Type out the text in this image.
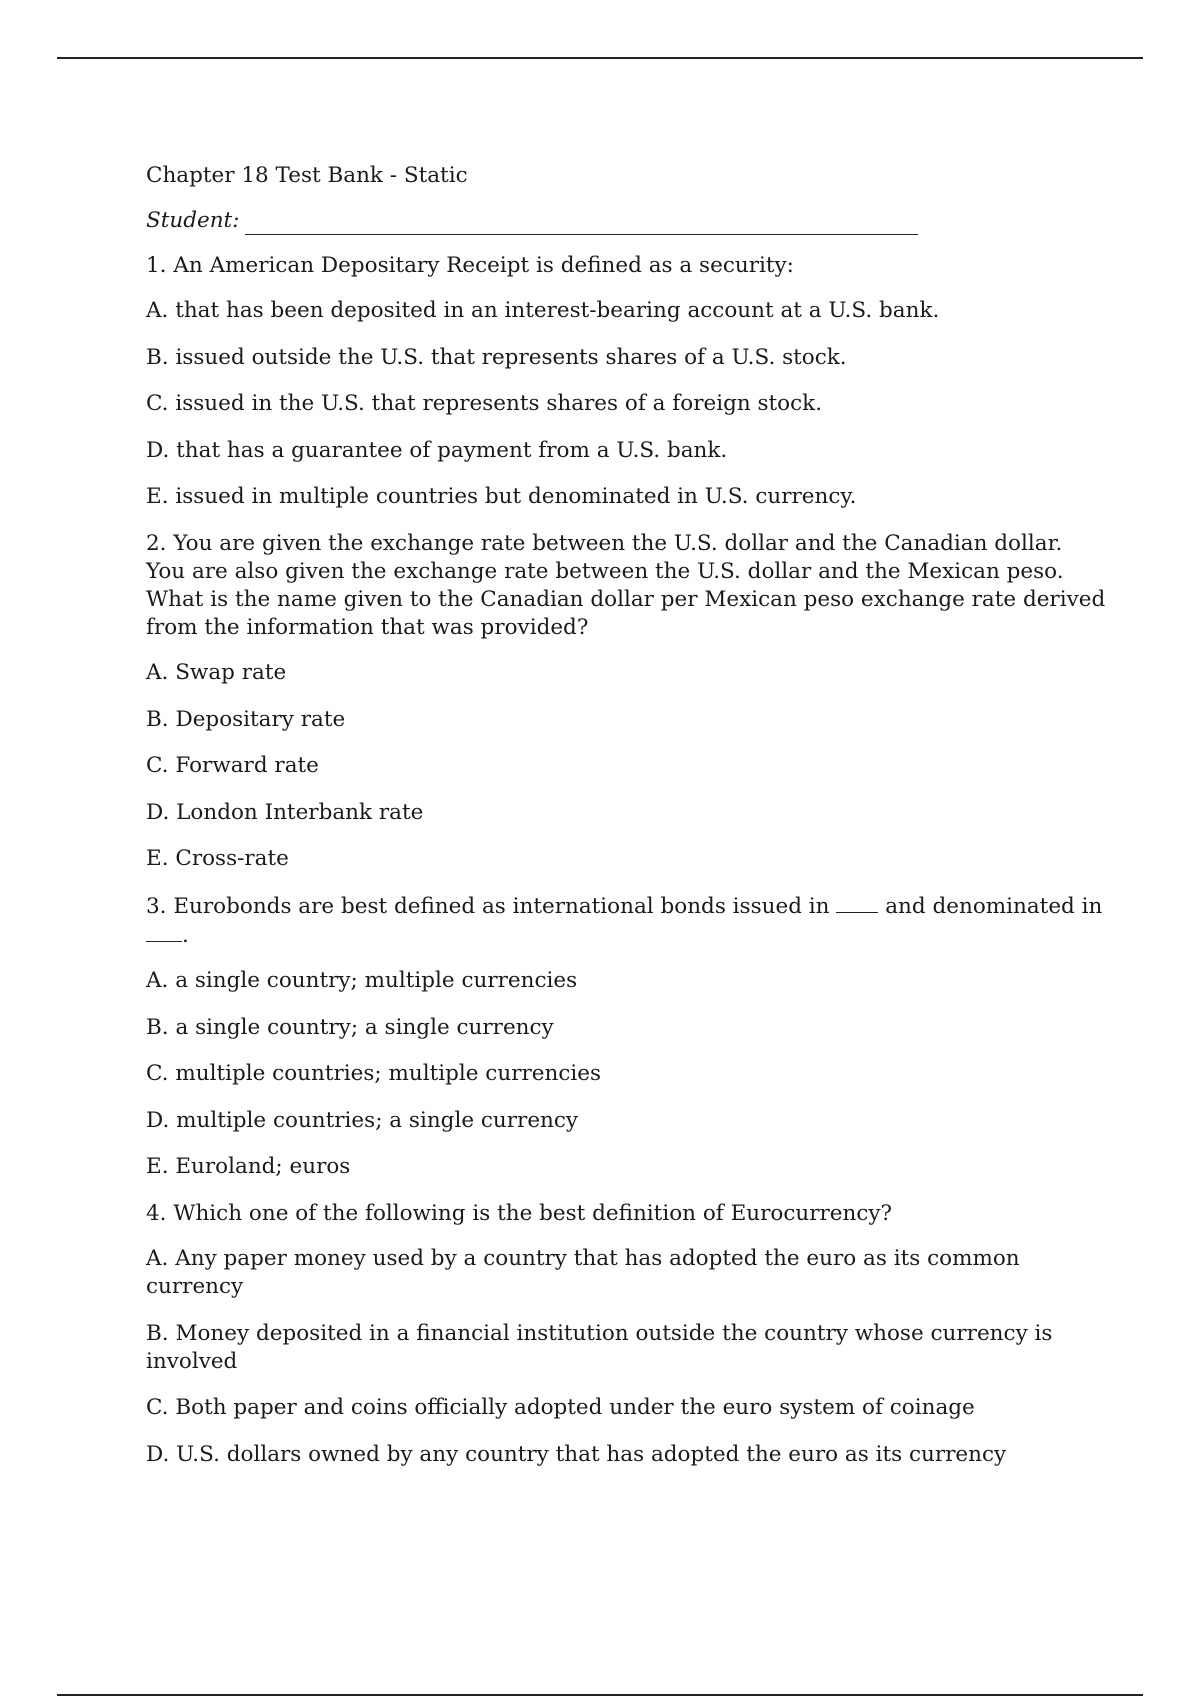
Chapter 18 Test Bank - Static
Student:
1. An American Depositary Receipt is defined as a security:
A. that has been deposited in an interest-bearing account at a U.S. bank.
B. issued outside the U.S. that represents shares of a U.S. stock.
C. issued in the U.S. that represents shares of a foreign stock.
D. that has a guarantee of payment from a U.S. bank.
E. issued in multiple countries but denominated in U.S. currency.
2. You are given the exchange rate between the U.S. dollar and the Canadian dollar. You are also given the exchange rate between the U.S. dollar and the Mexican peso. What is the name given to the Canadian dollar per Mexican peso exchange rate derived from the information that was provided?
A. Swap rate
B. Depositary rate
C. Forward rate
D. London Interbank rate
E. Cross-rate
3. Eurobonds are best defined as international bonds issued in	and denominated in .
A. a single country; multiple currencies
B. a single country; a single currency
C. multiple countries; multiple currencies
D. multiple countries; a single currency
E. Euroland; euros
4. Which one of the following is the best definition of Eurocurrency?
A. Any paper money used by a country that has adopted the euro as its common currency
B. Money deposited in a financial institution outside the country whose currency is involved
C. Both paper and coins officially adopted under the euro system of coinage
D. U.S. dollars owned by any country that has adopted the euro as its currency
